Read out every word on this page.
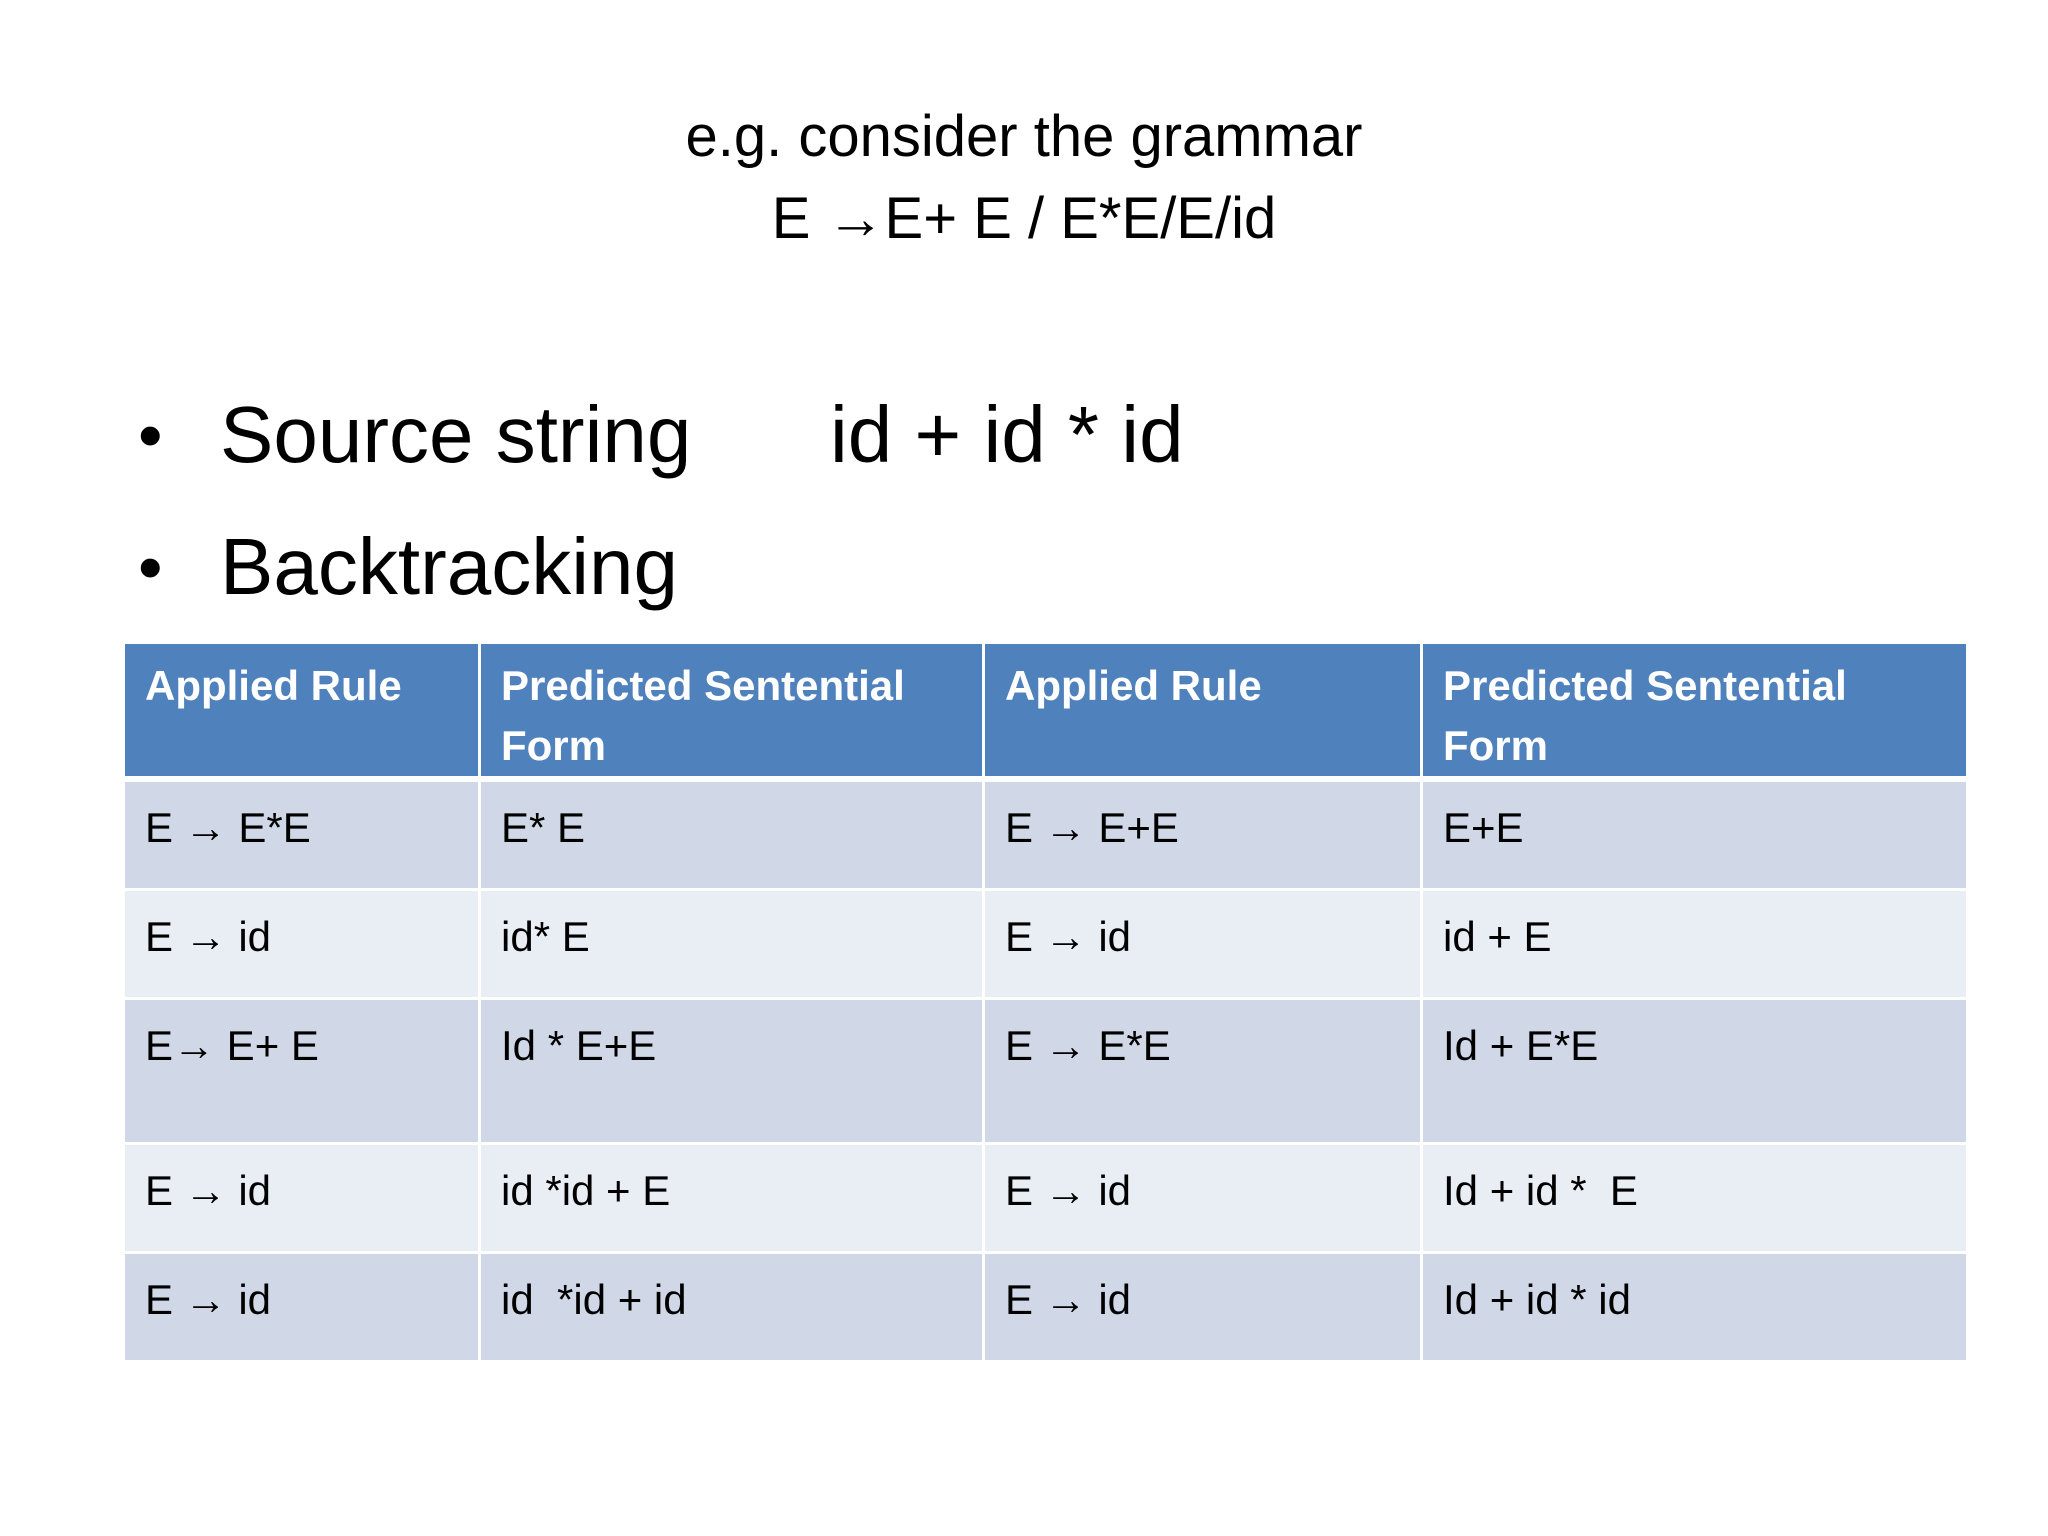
e.g. consider the grammar
E →E+ E / E*E/E/id
• Source string id + id * id
• Backtracking
Applied Rule	Predicted Sentential Form	Applied Rule	Predicted Sentential Form
E → E*E	E* E	E → E+E	E+E
E → id	id* E	E → id	id + E
E→ E+ E	Id * E+E	E → E*E	Id + E*E
E → id	id *id + E	E → id	Id + id *  E
E → id	id  *id + id	E → id	Id + id * id
